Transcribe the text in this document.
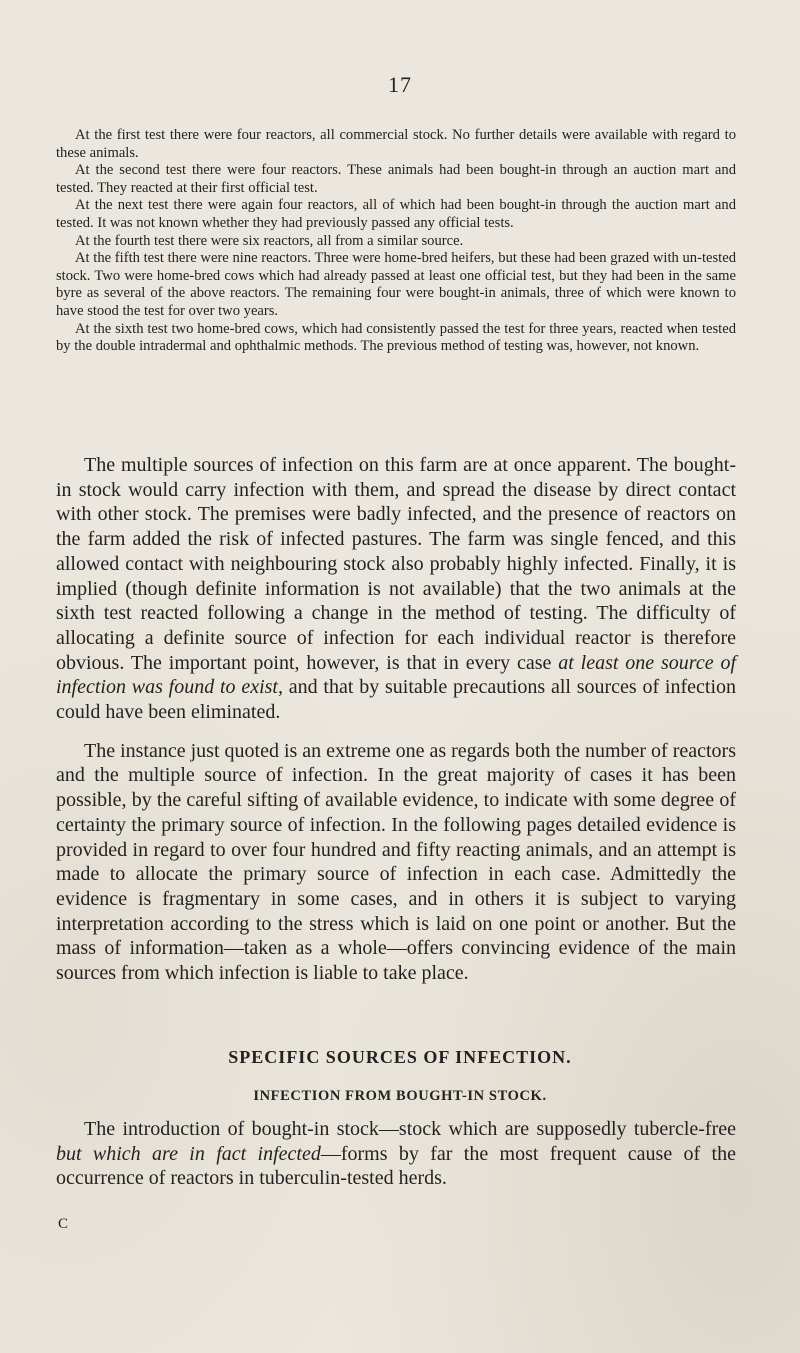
17

At the first test there were four reactors, all commercial stock. No further details were available with regard to these animals.

At the second test there were four reactors. These animals had been bought-in through an auction mart and tested. They reacted at their first official test.

At the next test there were again four reactors, all of which had been bought-in through the auction mart and tested. It was not known whether they had previously passed any official tests.

At the fourth test there were six reactors, all from a similar source.

At the fifth test there were nine reactors. Three were home-bred heifers, but these had been grazed with un-tested stock. Two were home-bred cows which had already passed at least one official test, but they had been in the same byre as several of the above reactors. The remaining four were bought-in animals, three of which were known to have stood the test for over two years.

At the sixth test two home-bred cows, which had consistently passed the test for three years, reacted when tested by the double intradermal and ophthalmic methods. The previous method of testing was, however, not known.

The multiple sources of infection on this farm are at once apparent. The bought-in stock would carry infection with them, and spread the disease by direct contact with other stock. The premises were badly infected, and the presence of reactors on the farm added the risk of infected pastures. The farm was single fenced, and this allowed contact with neighbouring stock also probably highly infected. Finally, it is implied (though definite information is not available) that the two animals at the sixth test reacted following a change in the method of testing. The difficulty of allocating a definite source of infection for each individual reactor is therefore obvious. The important point, however, is that in every case at least one source of infection was found to exist, and that by suitable precautions all sources of infection could have been eliminated.

The instance just quoted is an extreme one as regards both the number of reactors and the multiple source of infection. In the great majority of cases it has been possible, by the careful sifting of available evidence, to indicate with some degree of certainty the primary source of infection. In the following pages detailed evidence is provided in regard to over four hundred and fifty reacting animals, and an attempt is made to allocate the primary source of infection in each case. Admittedly the evidence is fragmentary in some cases, and in others it is subject to varying interpretation according to the stress which is laid on one point or another. But the mass of information—taken as a whole—offers convincing evidence of the main sources from which infection is liable to take place.

SPECIFIC SOURCES OF INFECTION.
INFECTION FROM BOUGHT-IN STOCK.

The introduction of bought-in stock—stock which are supposedly tubercle-free but which are in fact infected—forms by far the most frequent cause of the occurrence of reactors in tuberculin-tested herds.

C
